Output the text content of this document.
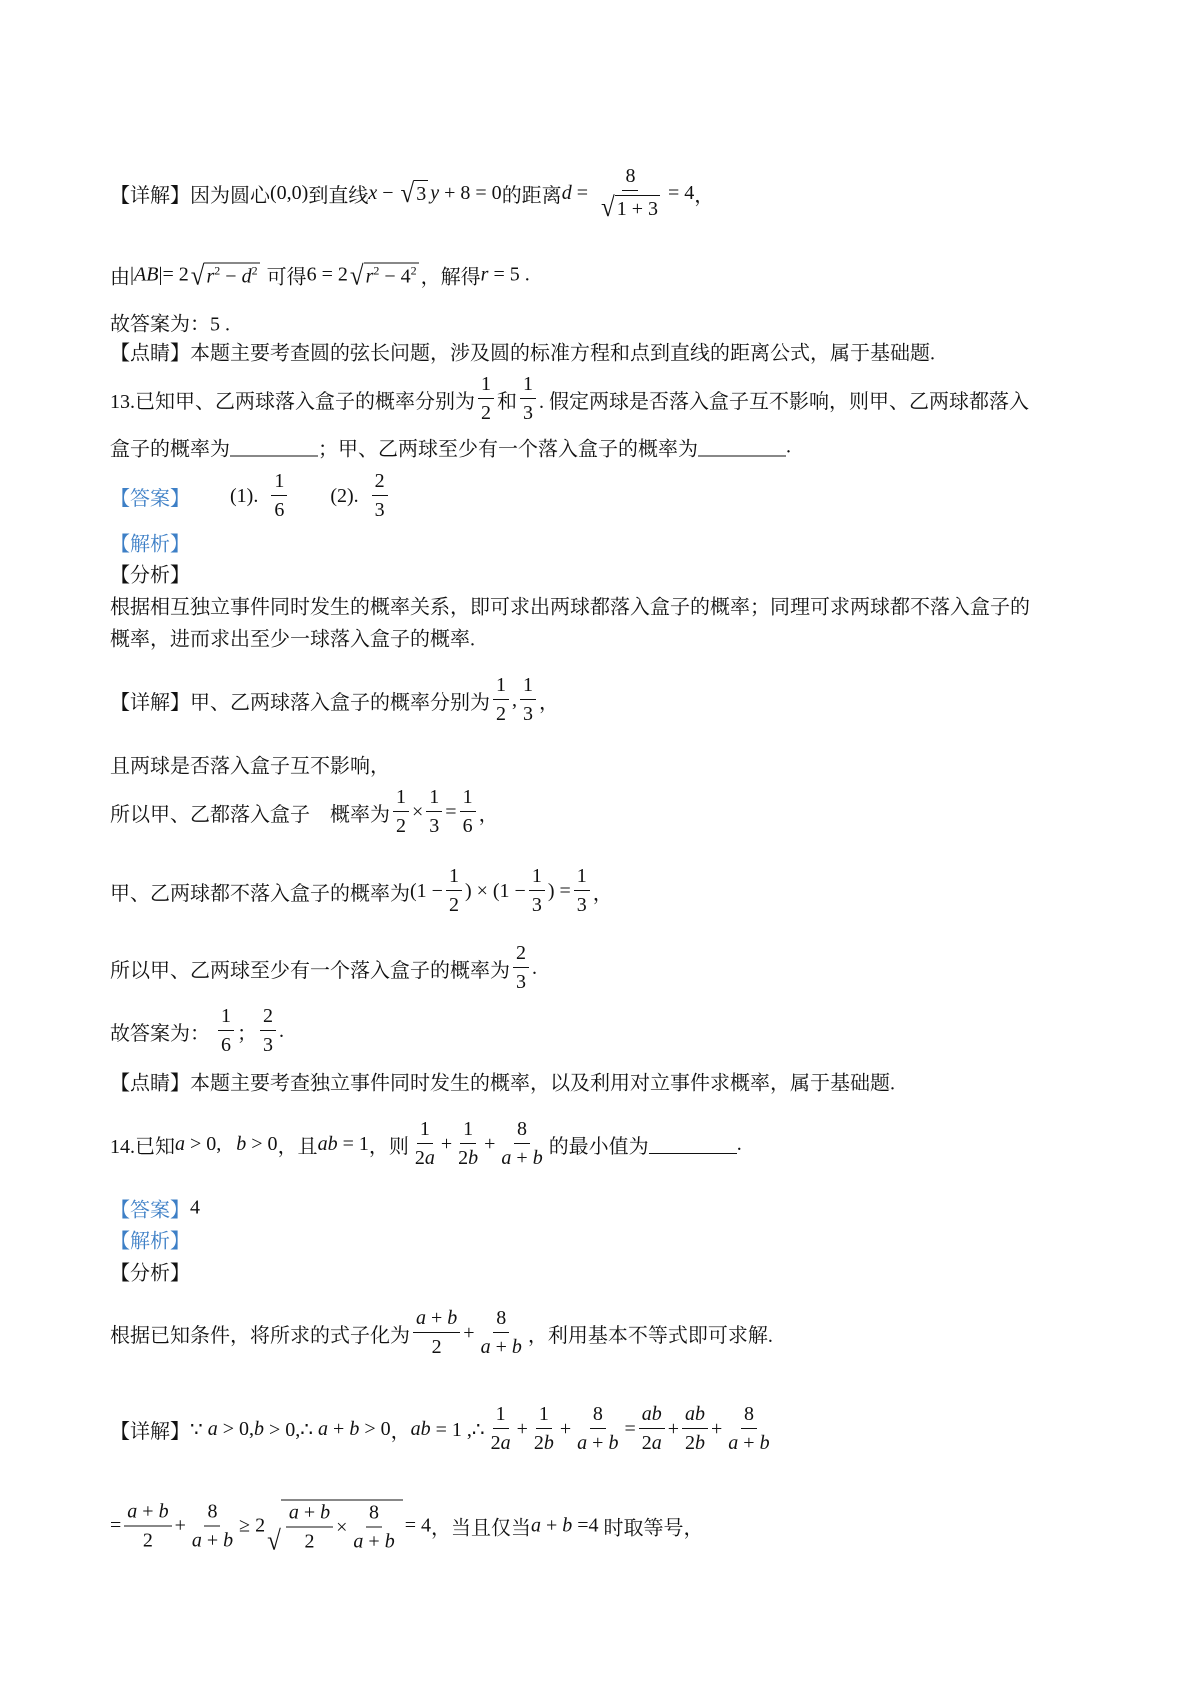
【详解】 因为圆心 (0,0) 到直线 x − √ 3 y + 8 = 0 的距离 $d = \frac{8}{√ 1 + 3} = 4$ ，
由 | AB |= 2 √ r 2 − d 2 可得 6 = 2 √ r 2 − 4 2 ，解得 r = 5 .
故答案为：5 .
【点睛】 本题主要考查圆的弦长问题，涉及圆的标准方程和点到直线的距离公式，属于基础题.
13.已知甲、乙两球落入盒子的概率分别为 $\frac{1}{2}$ 和 $\frac{1}{3}$ . 假定两球是否落入盒子互不影响，则甲、乙两球都落入
盒子的概率为	；甲、乙两球至少有一个落入盒子的概率为	.
【答案】 (1). $\frac{1}{6} (2)$. $\frac{2}{3}$
【解析】
【分析】
根据相互独立事件同时发生的概率关系，即可求出两球都落入盒子的概率；同理可求两球都不落入盒子的
概率，进而求出至少一球落入盒子的概率.
【详解】 甲、乙两球落入盒子的概率分别为 $\frac{1}{2}$ , $\frac{1}{3}$ ，
且两球是否落入盒子互不影响，
所以甲、乙都落入盒子　概率为 $\frac{1}{2} \times \frac{1}{3} = \frac{1}{6}$ ，
甲、乙两球都不落入盒子的概率为 ($1 - \frac{1}{2}$ ) × ($1 - \frac{1}{3}$ ) = $\frac{1}{3}$ ，
所以甲、乙两球至少有一个落入盒子的概率为 $\frac{2}{3}$ .
故答案为： $\frac{1}{6}$ ； $\frac{2}{3}$ .
【点睛】 本题主要考查独立事件同时发生的概率，以及利用对立事件求概率，属于基础题.
14.已知 a > 0, b > 0 ，且 ab = 1 ，则 $\frac{1}{2 a} + \frac{1}{2 b} + \frac{8}{a + b}$ 的最小值为	.
【答案】 4
【解析】
【分析】
根据已知条件，将所求的式子化为 $\frac{a + b}{2} + \frac{8}{a + b}$ ，利用基本不等式即可求解.
【详解】 ∵ a > 0, b > 0,∴ a + b > 0 ， ab = 1 ,∴ $\frac{1}{2 a} + \frac{1}{2 b} + \frac{8}{a + b} = \frac{ab}{2 a} + \frac{ab}{2 b} + \frac{8}{a + b}$
= $\frac{a + b}{2} + \frac{8}{a + b} \ge 2$
√ $\frac{a + b}{2} \times \frac{8}{a + b} = 4$ ，当且仅当 a + b =4 时取等号，
